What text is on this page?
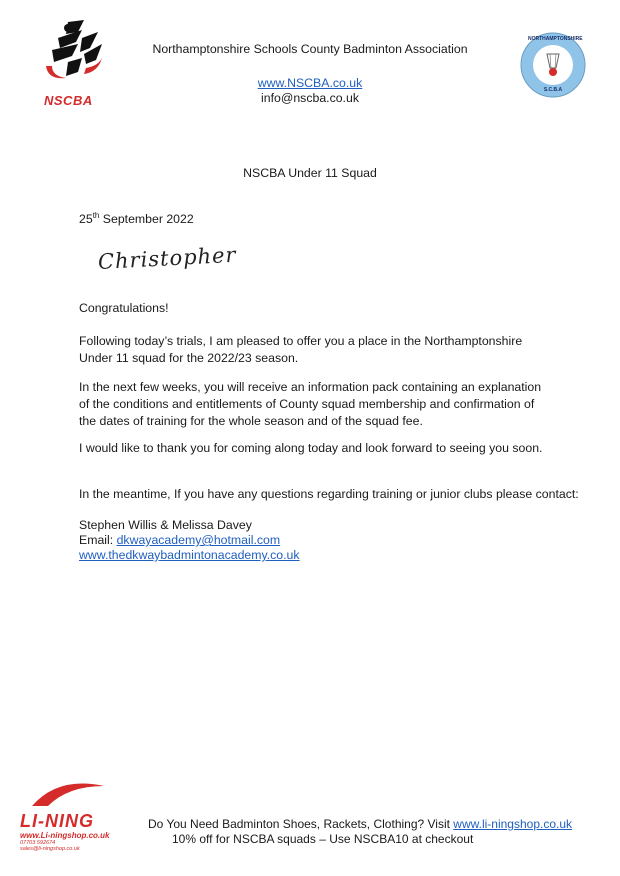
NSCBA
Northamptonshire Schools County Badminton Association
www.NSCBA.co.uk
info@nscba.co.uk
NORTHAMPTONSHIRE
S.C.B.A
NSCBA Under 11 Squad
25th September 2022
Christopher

Congratulations!

Following today’s trials, I am pleased to offer you a place in the Northamptonshire Under 11 squad for the 2022/23 season.

In the next few weeks, you will receive an information pack containing an explanation of the conditions and entitlements of County squad membership and confirmation of the dates of training for the whole season and of the squad fee.

I would like to thank you for coming along today and look forward to seeing you soon.

In the meantime, If you have any questions regarding training or junior clubs please contact:

Stephen Willis & Melissa Davey
Email: dkwayacademy@hotmail.com
www.thedkwaybadmintonacademy.co.uk
LI-NING
www.Li-ningshop.co.uk
07703 592674
sales@li-ningshop.co.uk
Do You Need Badminton Shoes, Rackets, Clothing? Visit www.li-ningshop.co.uk
10% off for NSCBA squads – Use NSCBA10 at checkout
